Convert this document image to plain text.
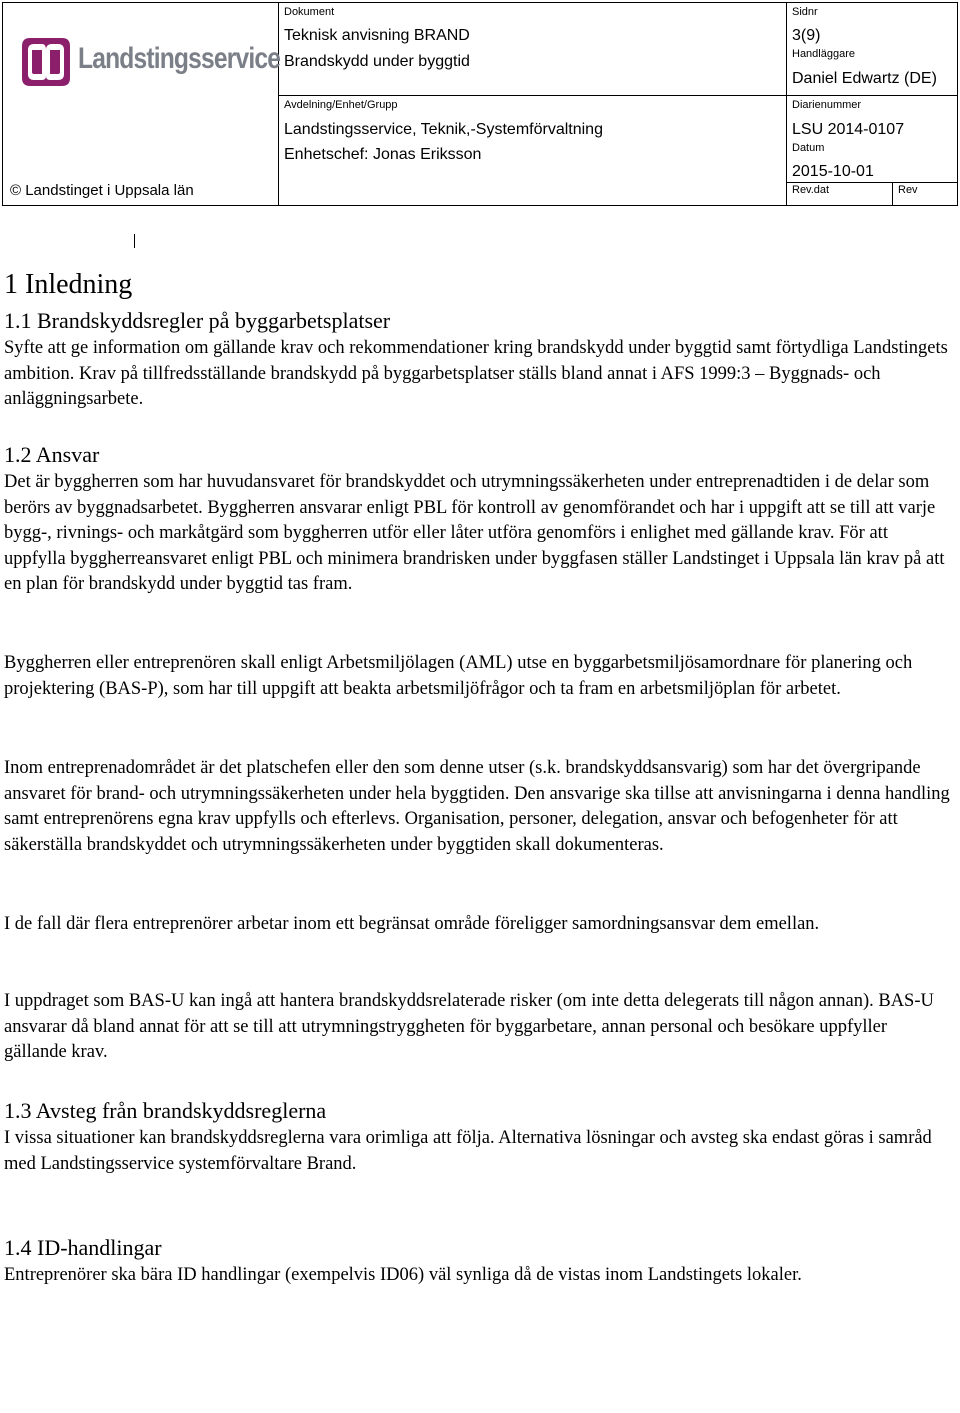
Landstingsservice
© Landstinget i Uppsala län
Dokument
Teknisk anvisning BRAND
Brandskydd under byggtid
Avdelning/Enhet/Grupp
Landstingsservice, Teknik,-Systemförvaltning
Enhetschef: Jonas Eriksson
Sidnr
3(9)
Handläggare
Daniel Edwartz (DE)
Diarienummer
LSU 2014-0107
Datum
2015-10-01
Rev.dat	Rev
1 Inledning
1.1 Brandskyddsregler på byggarbetsplatser

Syfte att ge information om gällande krav och rekommendationer kring brandskydd under byggtid samt förtydliga Landstingets ambition. Krav på tillfredsställande brandskydd på byggarbetsplatser ställs bland annat i AFS 1999:3 – Byggnads- och anläggningsarbete.

1.2 Ansvar

Det är byggherren som har huvudansvaret för brandskyddet och utrymningssäkerheten under entreprenadtiden i de delar som berörs av byggnadsarbetet. Byggherren ansvarar enligt PBL för kontroll av genomförandet och har i uppgift att se till att varje bygg-, rivnings- och markåtgärd som byggherren utför eller låter utföra genomförs i enlighet med gällande krav. För att uppfylla byggherreansvaret enligt PBL och minimera brandrisken under byggfasen ställer Landstinget i Uppsala län krav på att en plan för brandskydd under byggtid tas fram.

Byggherren eller entreprenören skall enligt Arbetsmiljölagen (AML) utse en byggarbetsmiljösamordnare för planering och projektering (BAS-P), som har till uppgift att beakta arbetsmiljöfrågor och ta fram en arbetsmiljöplan för arbetet.

Inom entreprenadområdet är det platschefen eller den som denne utser (s.k. brandskyddsansvarig) som har det övergripande ansvaret för brand- och utrymningssäkerheten under hela byggtiden. Den ansvarige ska tillse att anvisningarna i denna handling samt entreprenörens egna krav uppfylls och efterlevs. Organisation, personer, delegation, ansvar och befogenheter för att säkerställa brandskyddet och utrymningssäkerheten under byggtiden skall dokumenteras.

I de fall där flera entreprenörer arbetar inom ett begränsat område föreligger samordningsansvar dem emellan.

I uppdraget som BAS-U kan ingå att hantera brandskyddsrelaterade risker (om inte detta delegerats till någon annan). BAS-U ansvarar då bland annat för att se till att utrymningstryggheten för byggarbetare, annan personal och besökare uppfyller gällande krav.

1.3 Avsteg från brandskyddsreglerna

I vissa situationer kan brandskyddsreglerna vara orimliga att följa. Alternativa lösningar och avsteg ska endast göras i samråd med Landstingsservice systemförvaltare Brand.

1.4 ID-handlingar

Entreprenörer ska bära ID handlingar (exempelvis ID06) väl synliga då de vistas inom Landstingets lokaler.
